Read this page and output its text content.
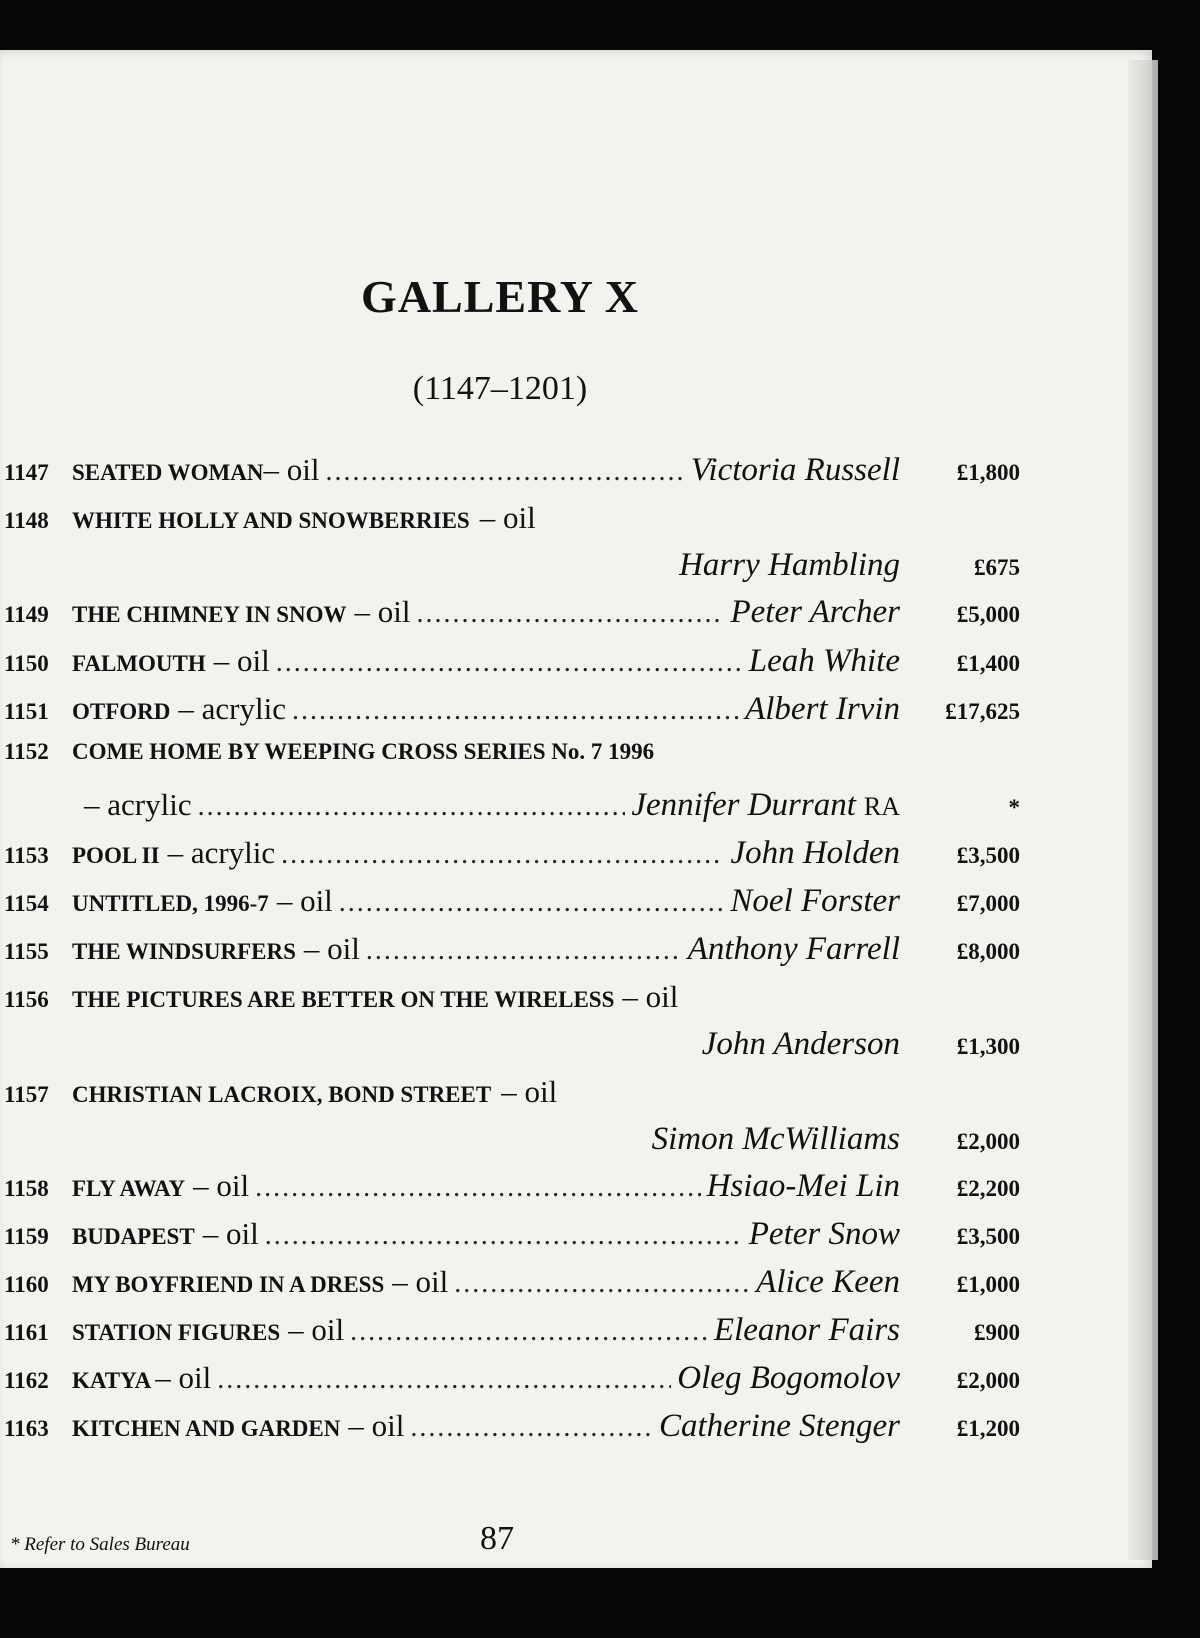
GALLERY X
(1147–1201)
1147	SEATED WOMAN – oil .....	Victoria Russell	£1,800
1148	WHITE HOLLY AND SNOWBERRIES – oil
Harry Hambling	£675
1149	THE CHIMNEY IN SNOW – oil .....	Peter Archer	£5,000
1150	FALMOUTH – oil .....	Leah White	£1,400
1151	OTFORD – acrylic .....	Albert Irvin	£17,625
1152	COME HOME BY WEEPING CROSS SERIES No. 7 1996
– acrylic .....	Jennifer Durrant RA	*
1153	POOL II – acrylic .....	John Holden	£3,500
1154	UNTITLED, 1996-7 – oil .....	Noel Forster	£7,000
1155	THE WINDSURFERS – oil .....	Anthony Farrell	£8,000
1156	THE PICTURES ARE BETTER ON THE WIRELESS – oil
John Anderson	£1,300
1157	CHRISTIAN LACROIX, BOND STREET – oil
Simon McWilliams	£2,000
1158	FLY AWAY – oil .....	Hsiao-Mei Lin	£2,200
1159	BUDAPEST – oil .....	Peter Snow	£3,500
1160	MY BOYFRIEND IN A DRESS – oil .....	Alice Keen	£1,000
1161	STATION FIGURES – oil .....	Eleanor Fairs	£900
1162	KATYA – oil .....	Oleg Bogomolov	£2,000
1163	KITCHEN AND GARDEN – oil .....	Catherine Stenger	£1,200
* Refer to Sales Bureau	87
